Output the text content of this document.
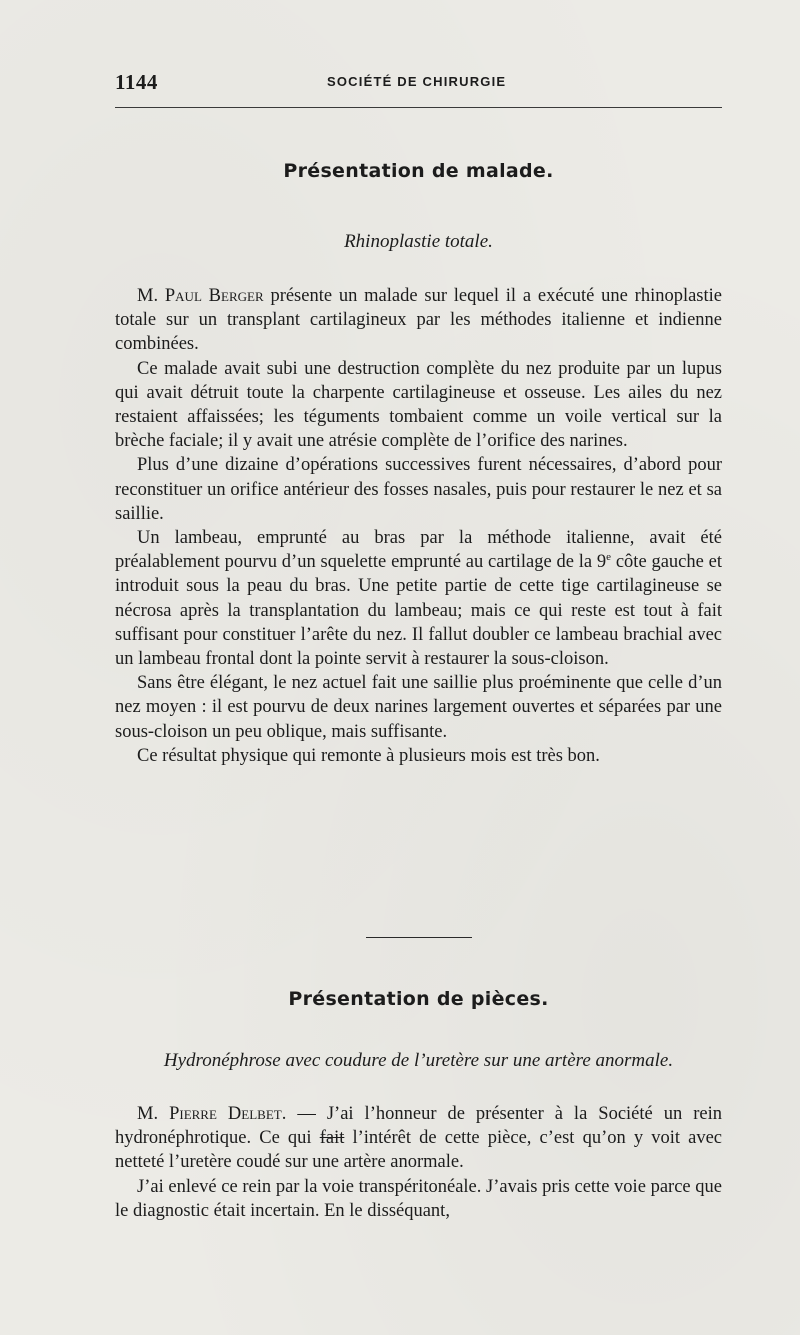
1144	SOCIÉTÉ DE CHIRURGIE
Présentation de malade.
Rhinoplastie totale.

M. Paul Berger présente un malade sur lequel il a exécuté une rhinoplastie totale sur un transplant cartilagineux par les méthodes italienne et indienne combinées.

Ce malade avait subi une destruction complète du nez produite par un lupus qui avait détruit toute la charpente cartilagineuse et osseuse. Les ailes du nez restaient affaissées; les téguments tombaient comme un voile vertical sur la brèche faciale; il y avait une atrésie complète de l’orifice des narines.

Plus d’une dizaine d’opérations successives furent nécessaires, d’abord pour reconstituer un orifice antérieur des fosses nasales, puis pour restaurer le nez et sa saillie.

Un lambeau, emprunté au bras par la méthode italienne, avait été préalablement pourvu d’un squelette emprunté au cartilage de la 9e côte gauche et introduit sous la peau du bras. Une petite partie de cette tige cartilagineuse se nécrosa après la transplantation du lambeau; mais ce qui reste est tout à fait suffisant pour constituer l’arête du nez. Il fallut doubler ce lambeau brachial avec un lambeau frontal dont la pointe servit à restaurer la sous-cloison.

Sans être élégant, le nez actuel fait une saillie plus proéminente que celle d’un nez moyen : il est pourvu de deux narines largement ouvertes et séparées par une sous-cloison un peu oblique, mais suffisante.

Ce résultat physique qui remonte à plusieurs mois est très bon.

Présentation de pièces.
Hydronéphrose avec coudure de l’uretère sur une artère anormale.

M. Pierre Delbet. — J’ai l’honneur de présenter à la Société un rein hydronéphrotique. Ce qui fait l’intérêt de cette pièce, c’est qu’on y voit avec netteté l’uretère coudé sur une artère anormale.

J’ai enlevé ce rein par la voie transpéritonéale. J’avais pris cette voie parce que le diagnostic était incertain. En le disséquant,
